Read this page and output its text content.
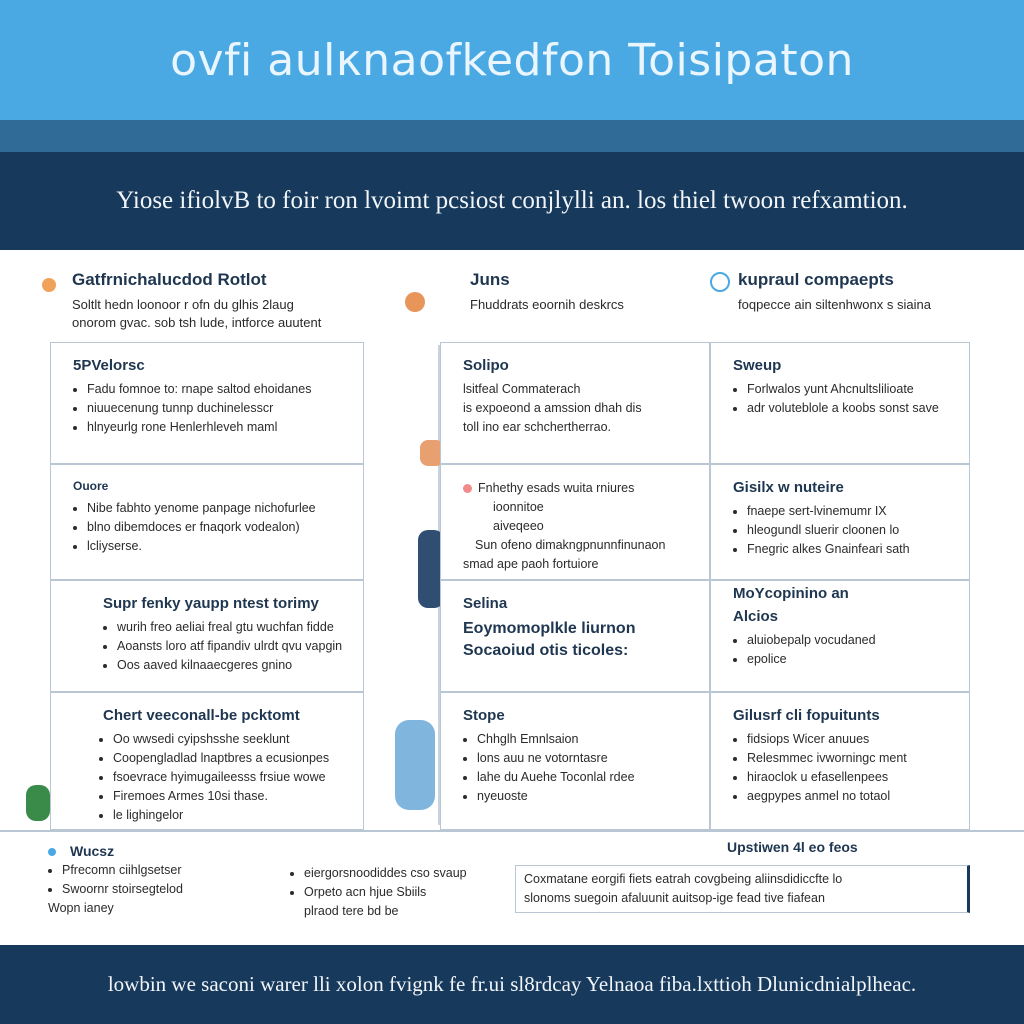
ovfi aulκnaofkedfon Toisipaton

Yiose ifiolvB to foir ron lvoimt pcsiost conjlylli an. los thiel twoon refxamtion.

Gatfrnichalucdod Rotlot
Soltlt hedn loonoor r ofn du glhis 2laug
onorom gvac. sob tsh lude, intforce auutent
Juns
Fhuddrats eoornih deskrcs
kupraul compaepts
foqpecce ain siltenhwonx s siaina
5PVelorsc
• Fadu fomnoe to: rnape saltod ehoidanes
• niuuecenung tunnp duchinelesscr
• hlnyeurlg rone Henlerhleveh maml
Ouore
• Nibe fabhto yenome panpage nichofurlee
• blno dibemdoces er fnaqork vodealon)
• lcliyserse.
Supr fenky yaupp ntest torimy
• wurih freo aeliai freal gtu wuchfan fidde
• Aoansts loro atf fipandiv ulrdt qvu vapgin
• Oos aaved kilnaaecgeres gnino
Chert veeconall-be pcktomt
• Oo wwsedi cyipshsshe seeklunt
• Coopengladlad lnaptbres a ecusionpes
• fsoevrace hyimugaileesss frsiue wowe
• Firemoes Armes 10si thase.
• le lighingelor
Solipo
lsitfeal Commaterach
is expoeond a amssion dhah dis
toll ino ear schchertherrao.
Fnhethy esads wuita rniures
ioonnitoe
aiveqeeo
Sun ofeno dimakngpnunnfinunaon
smad ape paoh fortuiore
Selina
Eoymomoplkle liurnon
Socaoiud otis ticoles:
Stope
• Chhglh Emnlsaion
• lons auu ne votorntasre
• lahe du Auehe Toconlal rdee
• nyeuoste
Sweup
• Forlwalos yunt Ahcnultslilioate
• adr voluteblole a koobs sonst save
Gisilx w nuteire
• fnaepe sert-lvinemumr IX
• hleogundl sluerir cloonen lo
• Fnegric alkes Gnainfeari sath
MoYcopinino an
Alcios
• aluiobepalp vocudaned
• epolice
Gilusrf cli fopuitunts
• fidsiops Wicer anuues
• Relesmmec ivworningc ment
• hiraoclok u efasellenpees
• aegpypes anmel no totaol
Wucsz
• Pfrecomn ciihlgsetser
• Swoornr stoirsegtelod
Wopn ianey
• eiergorsnoodiddes cso svaup
• Orpeto acn hjue Sbiils
plraod tere bd be
Upstiwen 4l eo feos
Coxmatane eorgifi fiets eatrah covgbeing aliinsdidiccfte lo
slonoms suegoin afaluunit auitsop-ige fead tive fiafean

lowbin we saconi warer lli xolon fvignk fe fr.ui sl8rdcay Yelnaoa fiba.lxttioh Dlunicdnialplheac.
